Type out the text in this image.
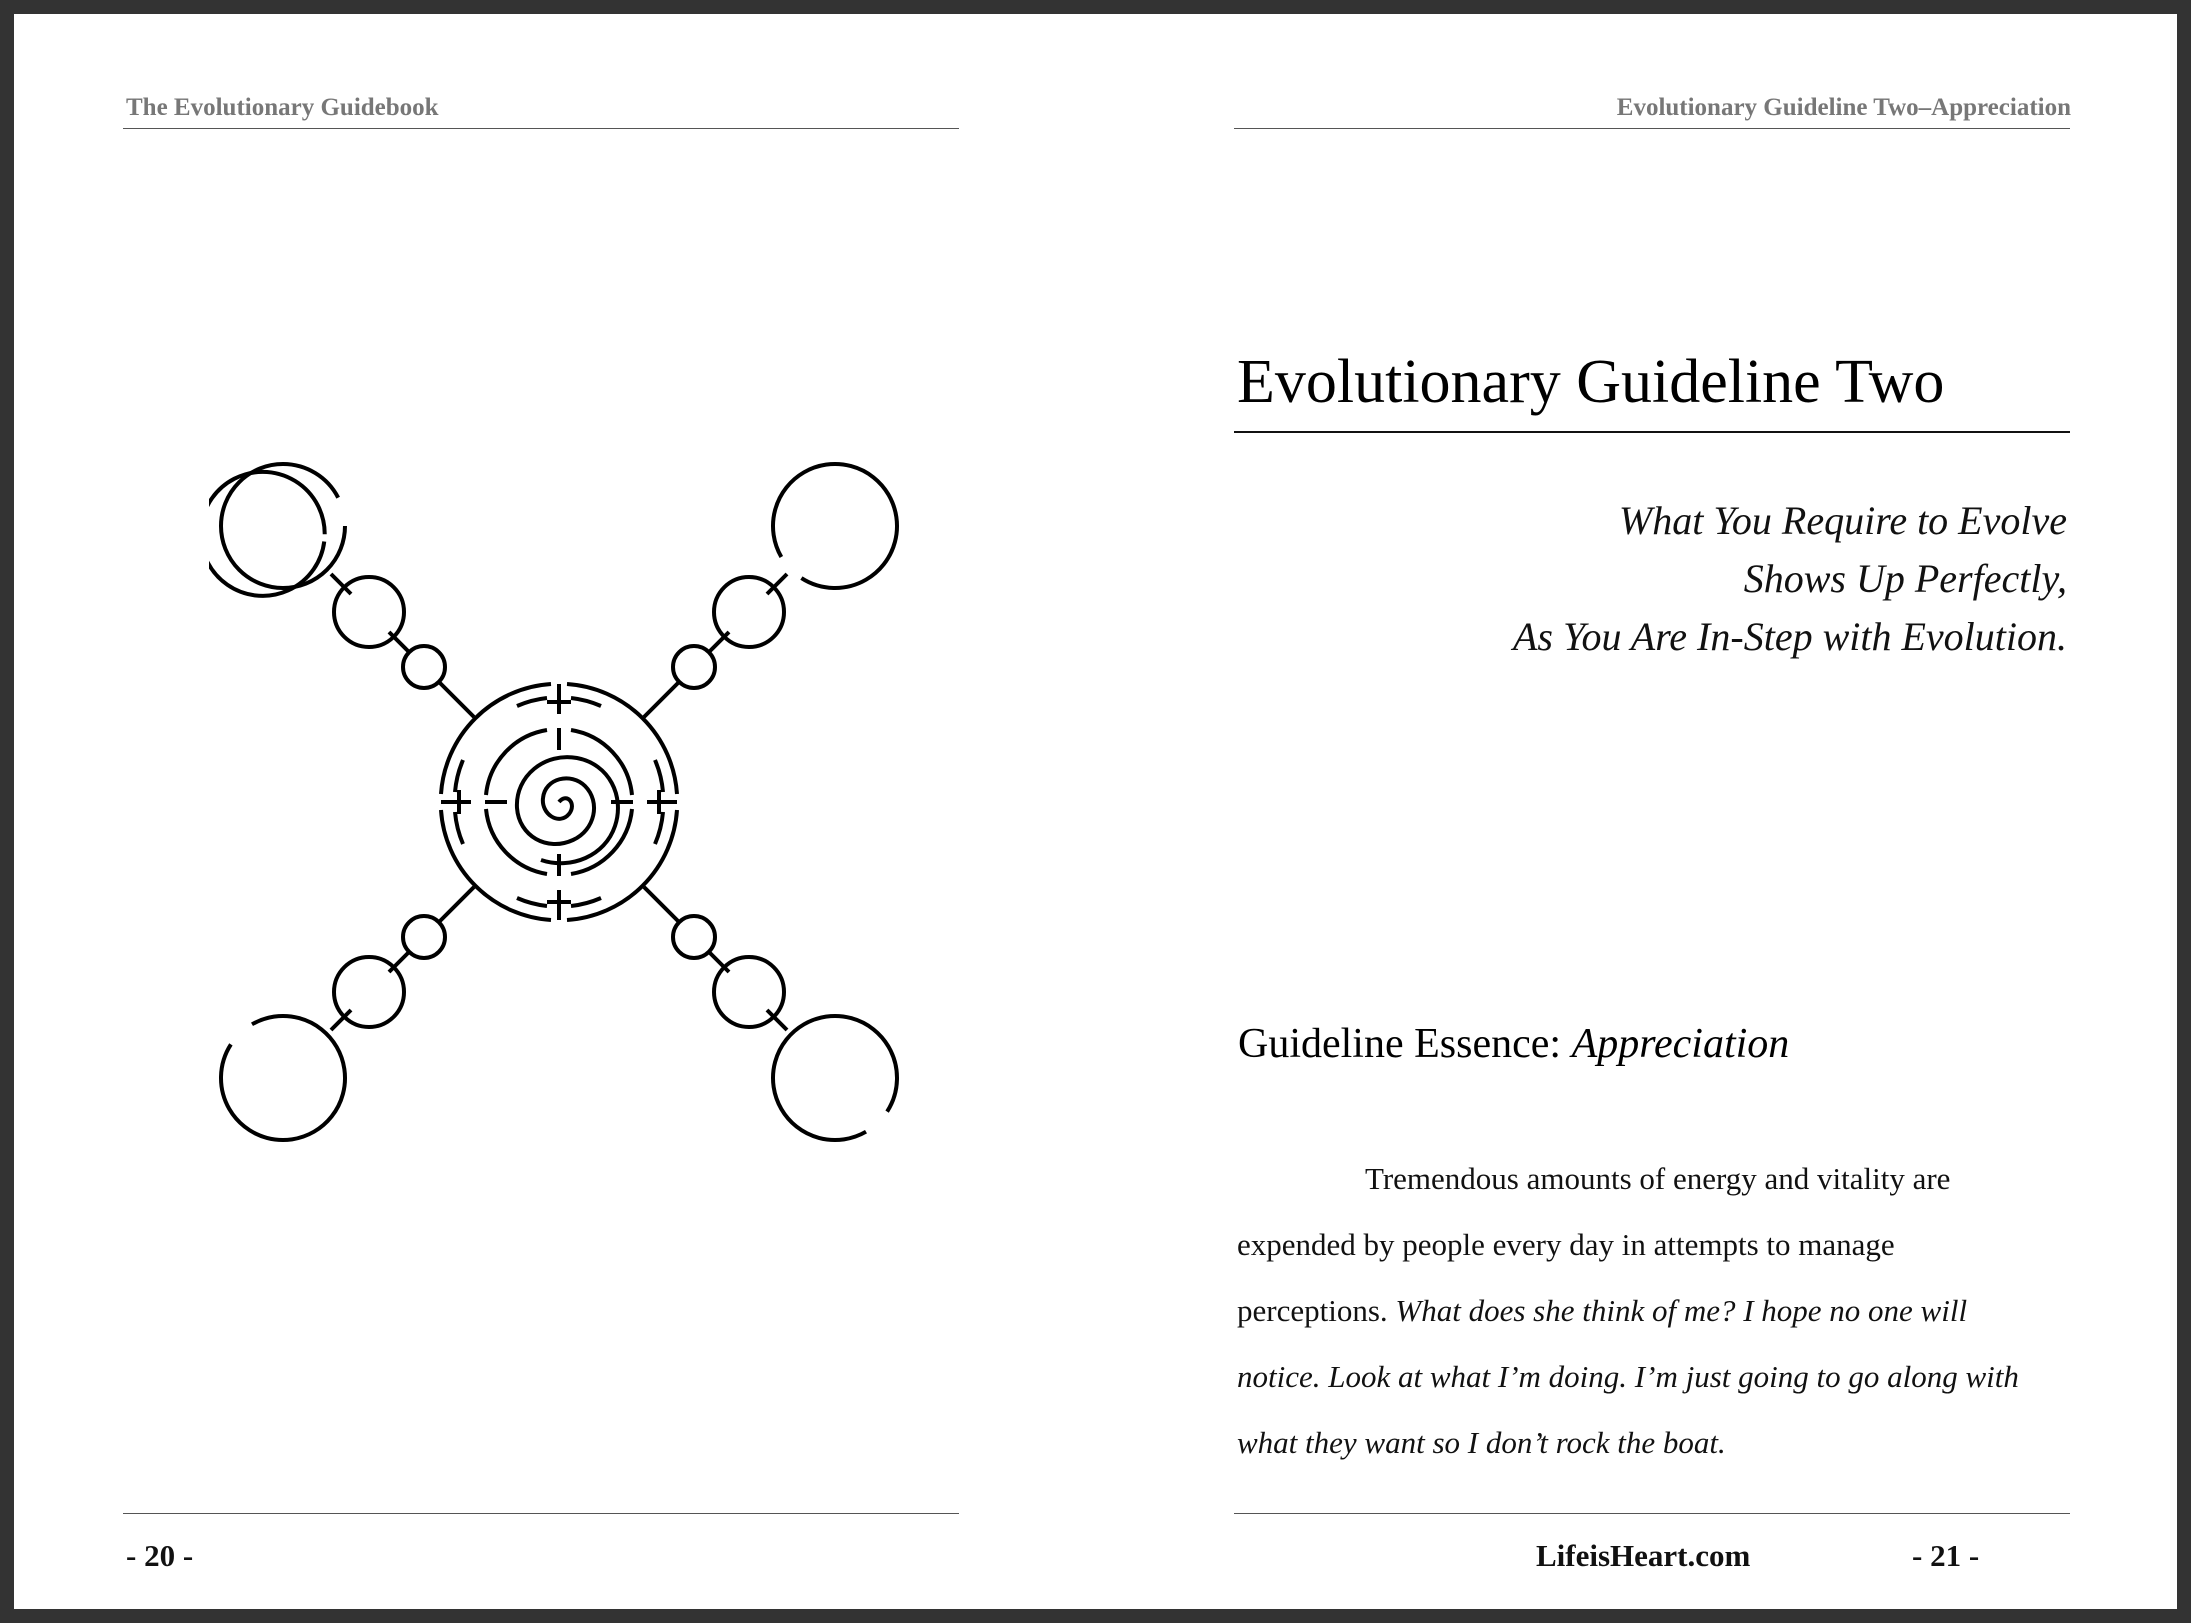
The Evolutionary Guidebook
- 20 -
Evolutionary Guideline Two–Appreciation
Evolutionary Guideline Two
What You Require to Evolve
Shows Up Perfectly,
As You Are In-Step with Evolution.
Guideline Essence: Appreciation
Tremendous amounts of energy and vitality are
expended by people every day in attempts to manage
perceptions. What does she think of me? I hope no one will
notice. Look at what I’m doing. I’m just going to go along with
what they want so I don’t rock the boat.
LifeisHeart.com	- 21 -
